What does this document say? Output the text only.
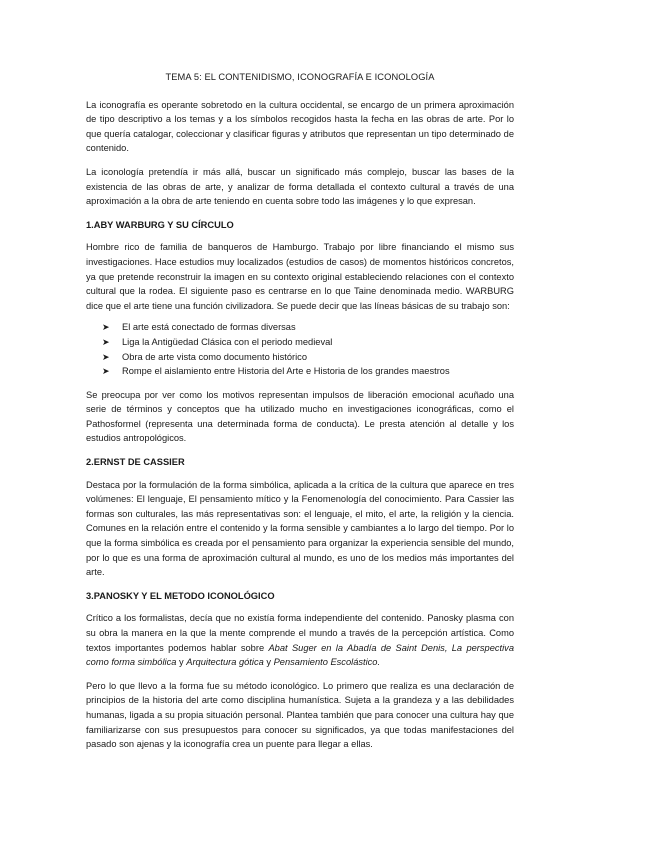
TEMA 5: EL CONTENIDISMO, ICONOGRAFÍA E ICONOLOGÍA

La iconografía es operante sobretodo en la cultura occidental, se encargo de un primera aproximación de tipo descriptivo a los temas y a los símbolos recogidos hasta la fecha en las obras de arte. Por lo que quería catalogar, coleccionar y clasificar figuras y atributos que representan un tipo determinado de contenido.

La iconología pretendía ir más allá, buscar un significado más complejo, buscar las bases de la existencia de las obras de arte, y analizar de forma detallada el contexto cultural a través de una aproximación a la obra de arte teniendo en cuenta sobre todo las imágenes y lo que expresan.

1.ABY WARBURG Y SU CÍRCULO

Hombre rico de familia de banqueros de Hamburgo. Trabajo por libre financiando el mismo sus investigaciones. Hace estudios muy localizados (estudios de casos) de momentos históricos concretos, ya que pretende reconstruir la imagen en su contexto original estableciendo relaciones con el contexto cultural que la rodea. El siguiente paso es centrarse en lo que Taine denominada medio. WARBURG dice que el arte tiene una función civilizadora. Se puede decir que las líneas básicas de su trabajo son:

➤ El arte está conectado de formas diversas
➤ Liga la Antigüedad Clásica con el periodo medieval
➤ Obra de arte vista como documento histórico
➤ Rompe el aislamiento entre Historia del Arte e Historia de los grandes maestros

Se preocupa por ver como los motivos representan impulsos de liberación emocional acuñado una serie de términos y conceptos que ha utilizado mucho en investigaciones iconográficas, como el Pathosformel (representa una determinada forma de conducta). Le presta atención al detalle y los estudios antropológicos.

2.ERNST DE CASSIER

Destaca por la formulación de la forma simbólica, aplicada a la crítica de la cultura que aparece en tres volúmenes: El lenguaje, El pensamiento mítico y la Fenomenología del conocimiento. Para Cassier las formas son culturales, las más representativas son: el lenguaje, el mito, el arte, la religión y la ciencia. Comunes en la relación entre el contenido y la forma sensible y cambiantes a lo largo del tiempo. Por lo que la forma simbólica es creada por el pensamiento para organizar la experiencia sensible del mundo, por lo que es una forma de aproximación cultural al mundo, es uno de los medios más importantes del arte.

3.PANOSKY Y EL METODO ICONOLÓGICO

Crítico a los formalistas, decía que no existía forma independiente del contenido. Panosky plasma con su obra la manera en la que la mente comprende el mundo a través de la percepción artística. Como textos importantes podemos hablar sobre Abat Suger en la Abadía de Saint Denis, La perspectiva como forma simbólica y Arquitectura gótica y Pensamiento Escolástico.

Pero lo que llevo a la forma fue su método iconológico. Lo primero que realiza es una declaración de principios de la historia del arte como disciplina humanística. Sujeta a la grandeza y a las debilidades humanas, ligada a su propia situación personal. Plantea también que para conocer una cultura hay que familiarizarse con sus presupuestos para conocer su significados, ya que todas manifestaciones del pasado son ajenas y la iconografía crea un puente para llegar a ellas.
